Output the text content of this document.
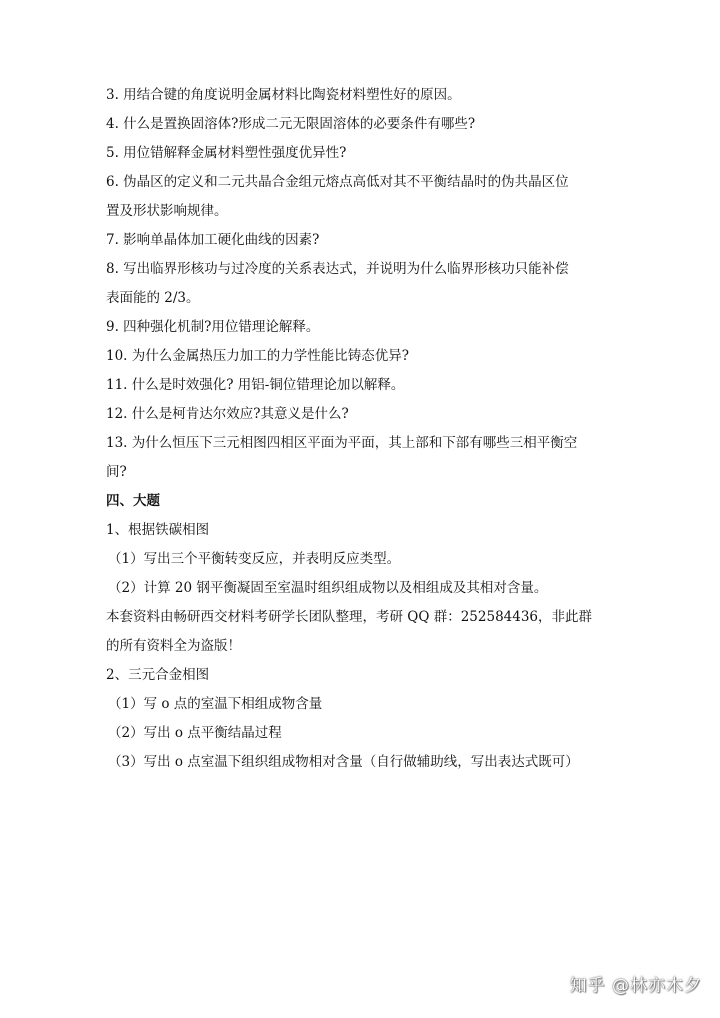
3. 用结合键的角度说明金属材料比陶瓷材料塑性好的原因。
4. 什么是置换固溶体?形成二元无限固溶体的必要条件有哪些?
5. 用位错解释金属材料塑性强度优异性?
6. 伪晶区的定义和二元共晶合金组元熔点高低对其不平衡结晶时的伪共晶区位
置及形状影响规律。
7. 影响单晶体加工硬化曲线的因素?
8. 写出临界形核功与过冷度的关系表达式，并说明为什么临界形核功只能补偿
表面能的 2/3。
9. 四种强化机制?用位错理论解释。
10. 为什么金属热压力加工的力学性能比铸态优异?
11. 什么是时效强化? 用铝-铜位错理论加以解释。
12. 什么是柯肯达尔效应?其意义是什么?
13. 为什么恒压下三元相图四相区平面为平面，其上部和下部有哪些三相平衡空
间?
四、大题
1、根据铁碳相图
（1）写出三个平衡转变反应，并表明反应类型。
（2）计算 20 钢平衡凝固至室温时组织组成物以及相组成及其相对含量。
本套资料由畅研西交材料考研学长团队整理，考研 QQ 群：252584436，非此群
的所有资料全为盗版！
2、三元合金相图
（1）写 o 点的室温下相组成物含量
（2）写出 o 点平衡结晶过程
（3）写出 o 点室温下组织组成物相对含量（自行做辅助线，写出表达式既可）
知乎 @林亦木夕
